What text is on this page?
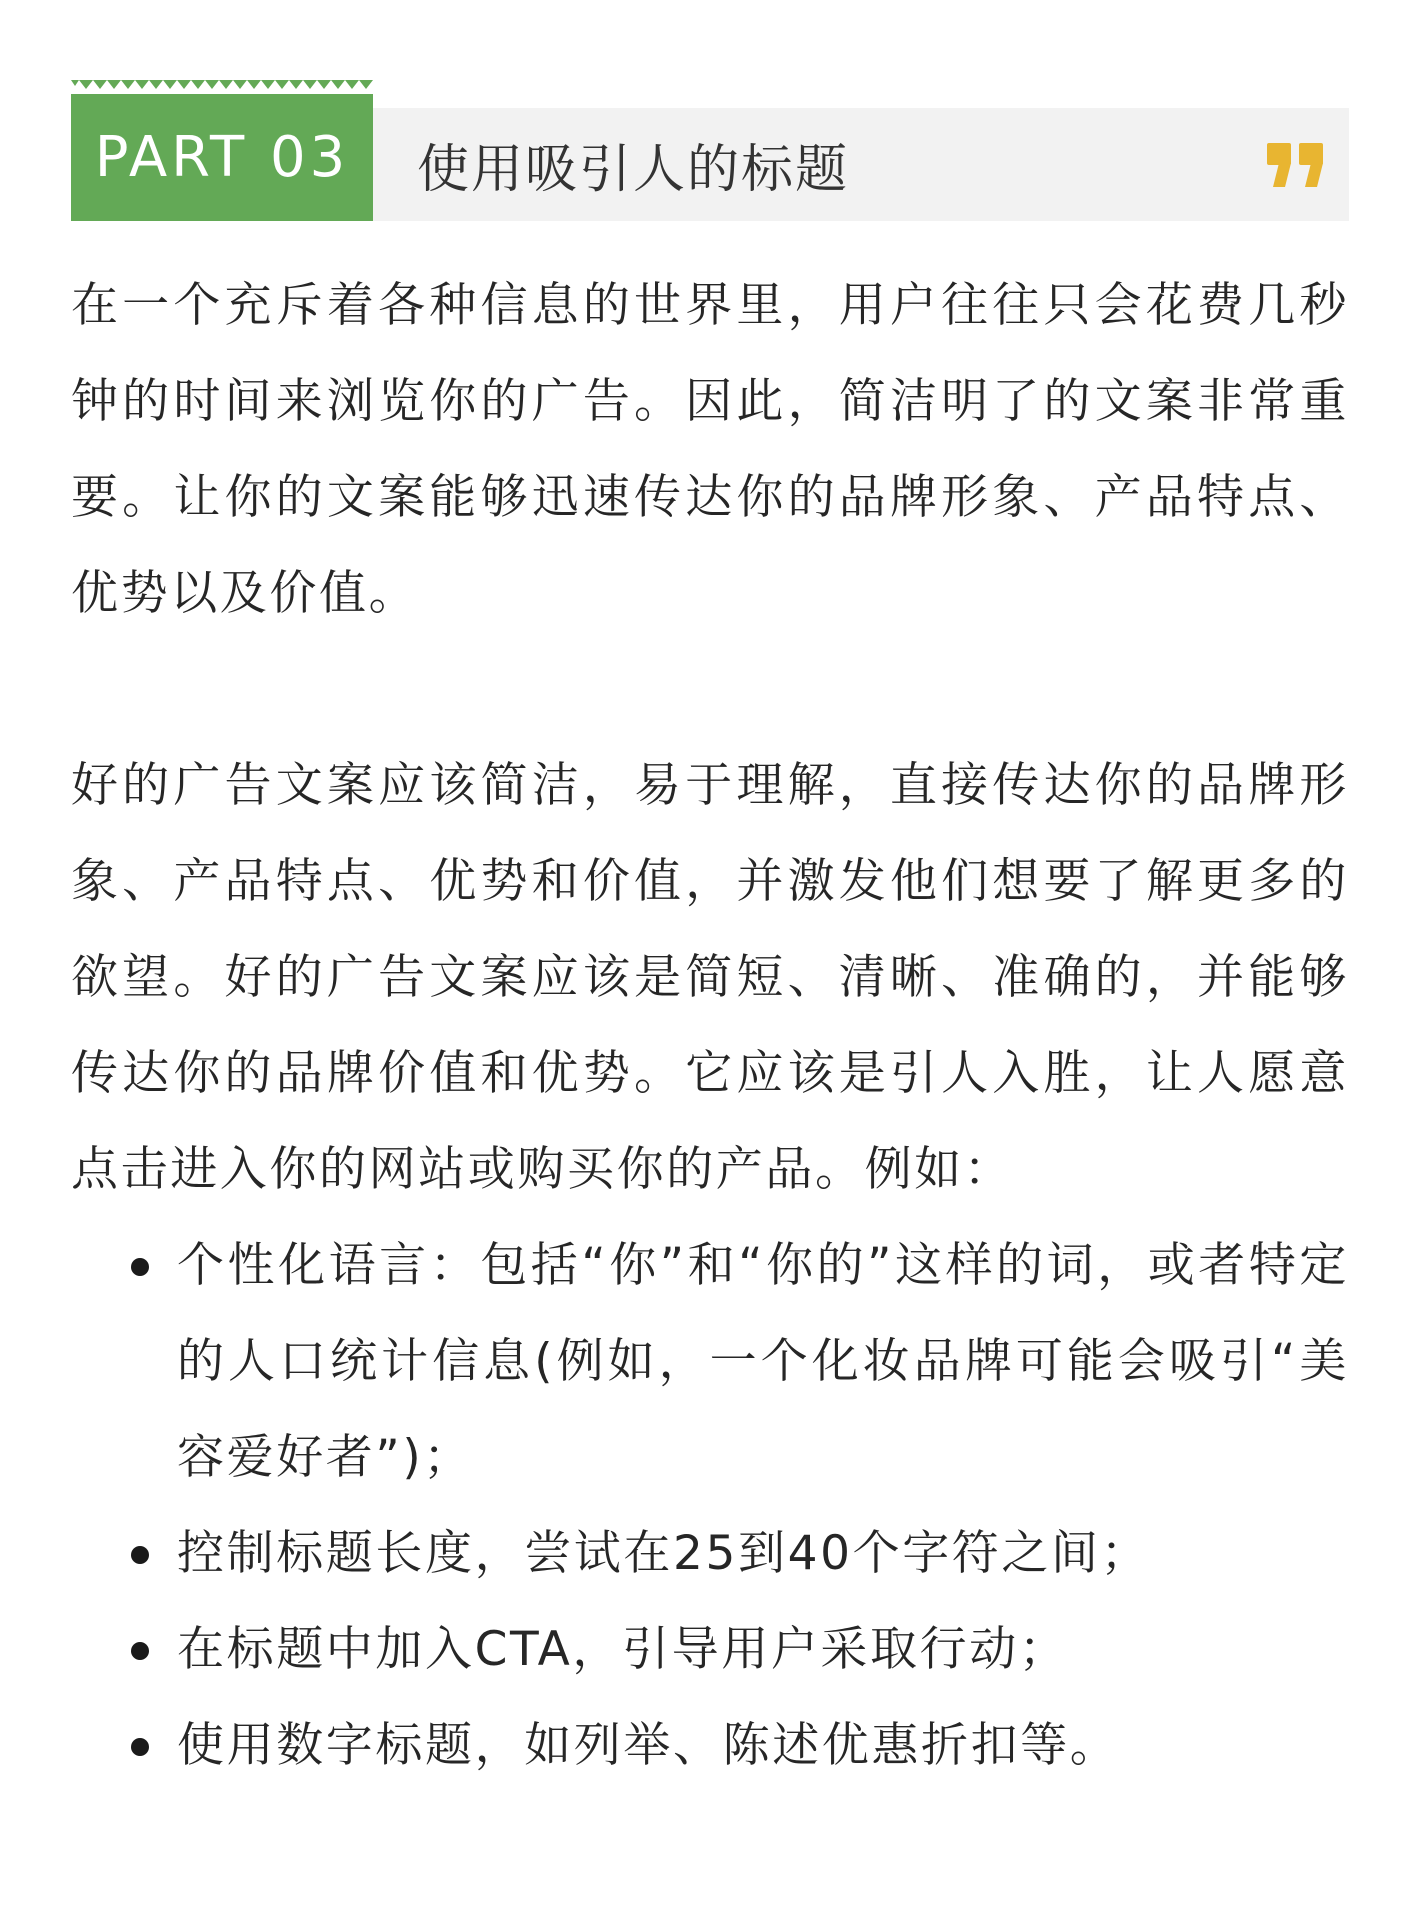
PART 03 使用吸引人的标题

在一个充斥着各种信息的世界里，用户往往只会花费几秒钟的时间来浏览你的广告。因此，简洁明了的文案非常重要。让你的文案能够迅速传达你的品牌形象、产品特点、优势以及价值。

好的广告文案应该简洁，易于理解，直接传达你的品牌形象、产品特点、优势和价值，并激发他们想要了解更多的欲望。好的广告文案应该是简短、清晰、准确的，并能够传达你的品牌价值和优势。它应该是引人入胜，让人愿意点击进入你的网站或购买你的产品。例如：

个性化语言：包括“你”和“你的”这样的词，或者特定的人口统计信息(例如，一个化妆品牌可能会吸引“美容爱好者”)；
控制标题长度，尝试在25到40个字符之间；
在标题中加入CTA，引导用户采取行动；
使用数字标题，如列举、陈述优惠折扣等。
